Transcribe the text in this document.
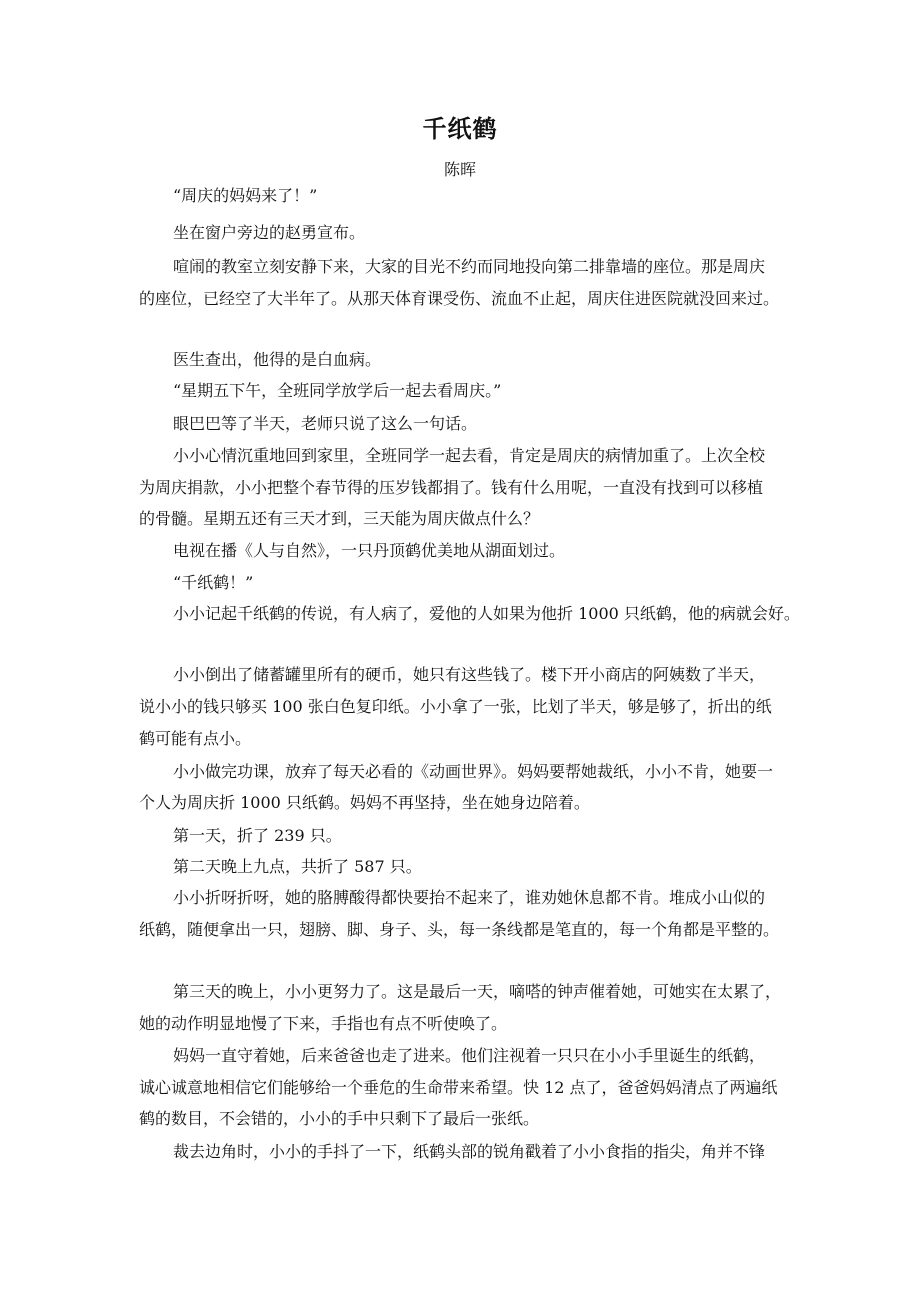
千纸鹤
陈晖
“周庆的妈妈来了！”
坐在窗户旁边的赵勇宣布。
喧闹的教室立刻安静下来，大家的目光不约而同地投向第二排靠墙的座位。那是周庆
的座位，已经空了大半年了。从那天体育课受伤、流血不止起，周庆住进医院就没回来过。
医生查出，他得的是白血病。
“星期五下午，全班同学放学后一起去看周庆。”
眼巴巴等了半天，老师只说了这么一句话。
小小心情沉重地回到家里，全班同学一起去看，肯定是周庆的病情加重了。上次全校
为周庆捐款，小小把整个春节得的压岁钱都捐了。钱有什么用呢，一直没有找到可以移植
的骨髓。星期五还有三天才到，三天能为周庆做点什么？
电视在播《人与自然》，一只丹顶鹤优美地从湖面划过。
“千纸鹤！”
小小记起千纸鹤的传说，有人病了，爱他的人如果为他折 1000 只纸鹤，他的病就会好。
小小倒出了储蓄罐里所有的硬币，她只有这些钱了。楼下开小商店的阿姨数了半天，
说小小的钱只够买 100 张白色复印纸。小小拿了一张，比划了半天，够是够了，折出的纸
鹤可能有点小。
小小做完功课，放弃了每天必看的《动画世界》。妈妈要帮她裁纸，小小不肯，她要一
个人为周庆折 1000 只纸鹤。妈妈不再坚持，坐在她身边陪着。
第一天，折了 239 只。
第二天晚上九点，共折了 587 只。
小小折呀折呀，她的胳膊酸得都快要抬不起来了，谁劝她休息都不肯。堆成小山似的
纸鹤，随便拿出一只，翅膀、脚、身子、头，每一条线都是笔直的，每一个角都是平整的。
第三天的晚上，小小更努力了。这是最后一天，嘀嗒的钟声催着她，可她实在太累了，
她的动作明显地慢了下来，手指也有点不听使唤了。
妈妈一直守着她，后来爸爸也走了进来。他们注视着一只只在小小手里诞生的纸鹤，
诚心诚意地相信它们能够给一个垂危的生命带来希望。快 12 点了，爸爸妈妈清点了两遍纸
鹤的数目，不会错的，小小的手中只剩下了最后一张纸。
裁去边角时，小小的手抖了一下，纸鹤头部的锐角戳着了小小食指的指尖，角并不锋
